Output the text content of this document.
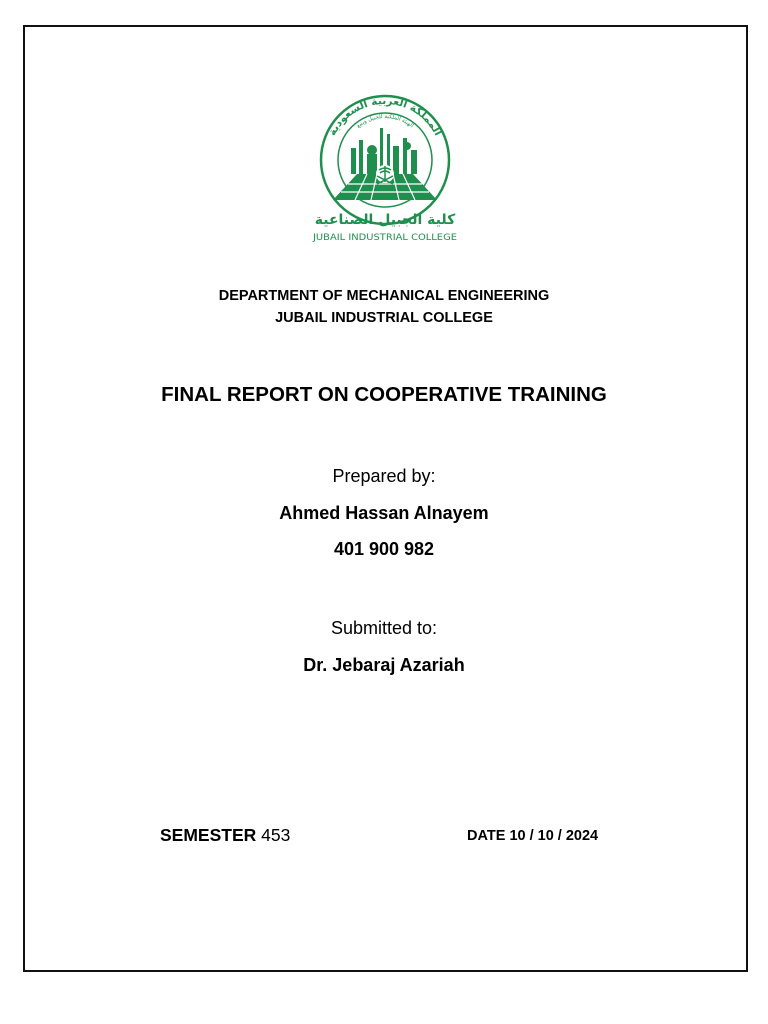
المملكة العربية السعودية
الهيئة الملكية للجبيل وينبع
كلية الجبيل الصناعية
JUBAIL INDUSTRIAL COLLEGE
DEPARTMENT OF MECHANICAL ENGINEERING
JUBAIL INDUSTRIAL COLLEGE
FINAL REPORT ON COOPERATIVE TRAINING
Prepared by:
Ahmed Hassan Alnayem
401 900 982
Submitted to:
Dr. Jebaraj Azariah
SEMESTER 453	DATE 10 / 10 / 2024
